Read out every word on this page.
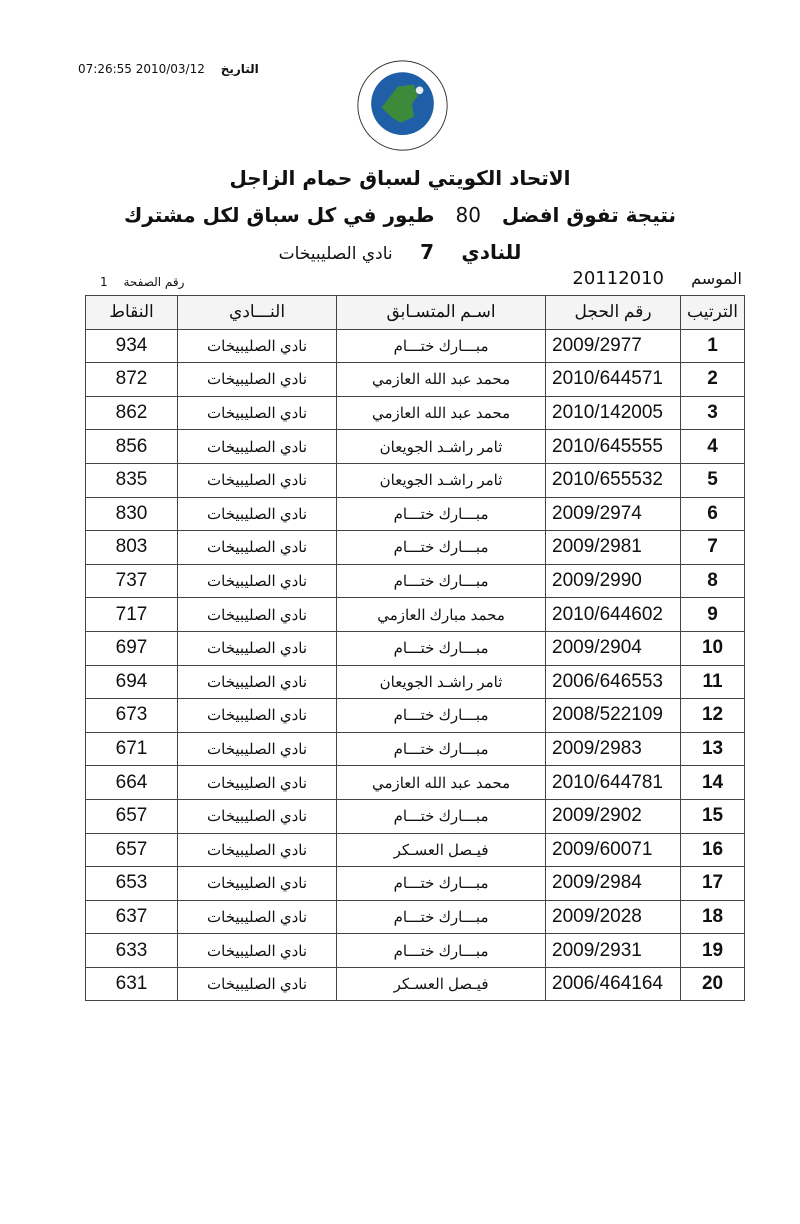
07:26:55 2010/03/12 التاريخ
الاتحاد الكويتي لسباق حمام الزاجل
نتيجة تفوق افضل 80 طيور في كل سباق لكل مشترك
للنادي 7 نادي الصليبيخات
الموسم 20112010
رقم الصفحة 1
الترتيب	رقم الحجل	اسـم المتسـابق	النـــادي	النقاط
1	2009/2977	مبـــارك ختـــام	نادي الصليبيخات	934
2	2010/644571	محمد عبد الله العازمي	نادي الصليبيخات	872
3	2010/142005	محمد عبد الله العازمي	نادي الصليبيخات	862
4	2010/645555	ثامر راشـد الجويعان	نادي الصليبيخات	856
5	2010/655532	ثامر راشـد الجويعان	نادي الصليبيخات	835
6	2009/2974	مبـــارك ختـــام	نادي الصليبيخات	830
7	2009/2981	مبـــارك ختـــام	نادي الصليبيخات	803
8	2009/2990	مبـــارك ختـــام	نادي الصليبيخات	737
9	2010/644602	محمد مبارك العازمي	نادي الصليبيخات	717
10	2009/2904	مبـــارك ختـــام	نادي الصليبيخات	697
11	2006/646553	ثامر راشـد الجويعان	نادي الصليبيخات	694
12	2008/522109	مبـــارك ختـــام	نادي الصليبيخات	673
13	2009/2983	مبـــارك ختـــام	نادي الصليبيخات	671
14	2010/644781	محمد عبد الله العازمي	نادي الصليبيخات	664
15	2009/2902	مبـــارك ختـــام	نادي الصليبيخات	657
16	2009/60071	فيـصل العسـكر	نادي الصليبيخات	657
17	2009/2984	مبـــارك ختـــام	نادي الصليبيخات	653
18	2009/2028	مبـــارك ختـــام	نادي الصليبيخات	637
19	2009/2931	مبـــارك ختـــام	نادي الصليبيخات	633
20	2006/464164	فيـصل العسـكر	نادي الصليبيخات	631
